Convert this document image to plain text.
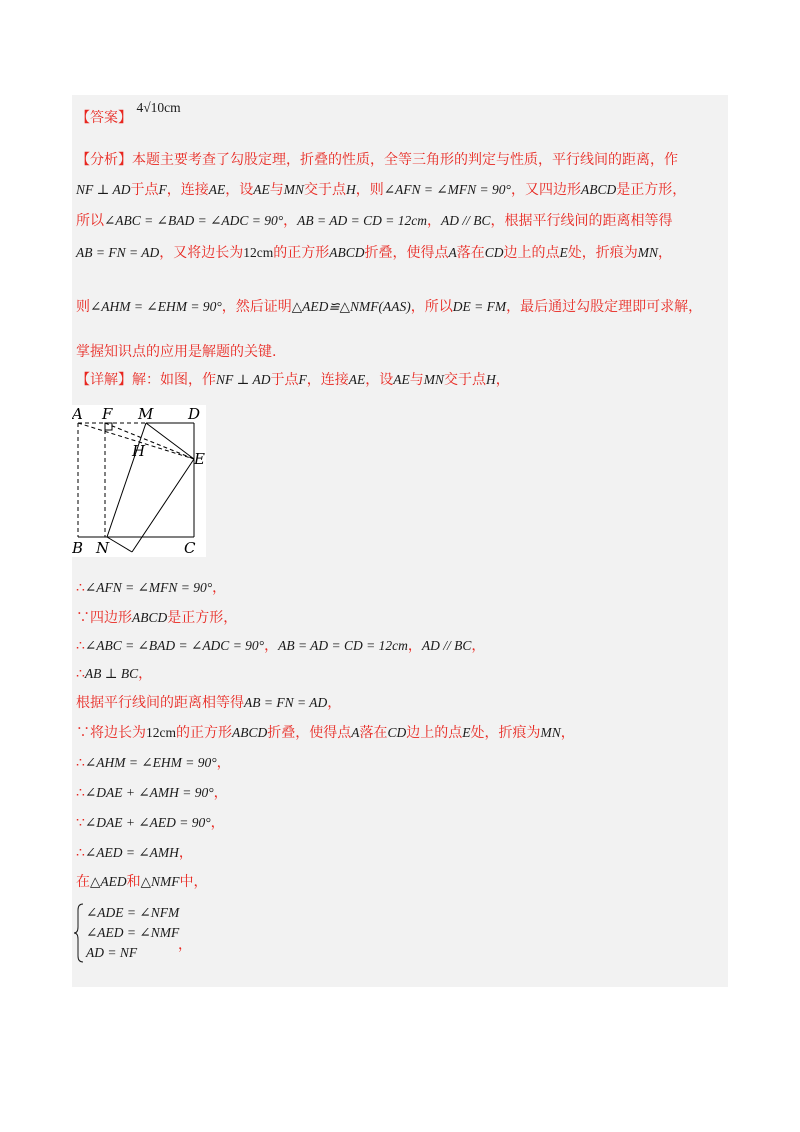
【答案】 4√10cm
【分析】本题主要考查了勾股定理，折叠的性质，全等三角形的判定与性质，平行线间的距离，作
NF ⊥ AD于点F，连接AE，设AE与MN交于点H，则∠AFN = ∠MFN = 90°，又四边形ABCD是正方形，
所以∠ABC = ∠BAD = ∠ADC = 90°，AB = AD = CD = 12cm，AD // BC，根据平行线间的距离相等得
AB = FN = AD，又将边长为12cm的正方形ABCD折叠，使得点A落在CD边上的点E处，折痕为MN，
则∠AHM = ∠EHM = 90°，然后证明△AED≌△NMF(AAS)，所以DE = FM，最后通过勾股定理即可求解，
掌握知识点的应用是解题的关键.
【详解】解：如图，作NF ⊥ AD于点F，连接AE，设AE与MN交于点H，
A F M D
H	E
B N	C
∴∠AFN = ∠MFN = 90°，
∵四边形ABCD是正方形，
∴∠ABC = ∠BAD = ∠ADC = 90°，AB = AD = CD = 12cm，AD // BC，
∴AB ⊥ BC，
根据平行线间的距离相等得AB = FN = AD，
∵将边长为12cm的正方形ABCD折叠，使得点A落在CD边上的点E处，折痕为MN，
∴∠AHM = ∠EHM = 90°，
∴∠DAE + ∠AMH = 90°，
∵∠DAE + ∠AED = 90°，
∴∠AED = ∠AMH，
在△AED和△NMF中，
∠ADE = ∠NFM
∠AED = ∠NMF
AD = NF	，
